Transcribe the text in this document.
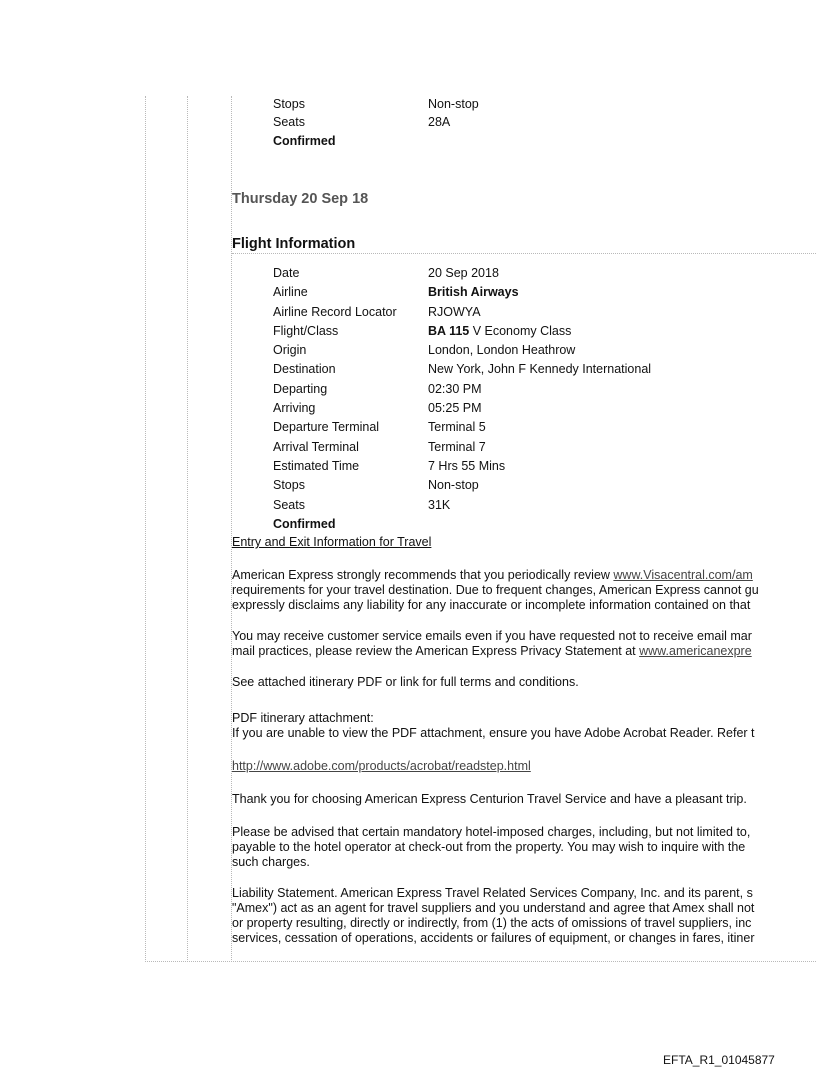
Stops	Non-stop
Seats	28A
Confirmed
Thursday 20 Sep 18
Flight Information
Date	20 Sep 2018
Airline	British Airways
Airline Record Locator	RJOWYA
Flight/Class	BA 115 V Economy Class
Origin	London, London Heathrow
Destination	New York, John F Kennedy International
Departing	02:30 PM
Arriving	05:25 PM
Departure Terminal	Terminal 5
Arrival Terminal	Terminal 7
Estimated Time	7 Hrs 55 Mins
Stops	Non-stop
Seats	31K
Confirmed
Entry and Exit Information for Travel
American Express strongly recommends that you periodically review www.Visacentral.com/am
requirements for your travel destination. Due to frequent changes, American Express cannot gu
expressly disclaims any liability for any inaccurate or incomplete information contained on that
You may receive customer service emails even if you have requested not to receive email mar
mail practices, please review the American Express Privacy Statement at www.americanexpre
See attached itinerary PDF or link for full terms and conditions.
PDF itinerary attachment:
If you are unable to view the PDF attachment, ensure you have Adobe Acrobat Reader. Refer t
http://www.adobe.com/products/acrobat/readstep.html
Thank you for choosing American Express Centurion Travel Service and have a pleasant trip.
Please be advised that certain mandatory hotel-imposed charges, including, but not limited to,
payable to the hotel operator at check-out from the property. You may wish to inquire with the
such charges.
Liability Statement. American Express Travel Related Services Company, Inc. and its parent, s
"Amex") act as an agent for travel suppliers and you understand and agree that Amex shall not
or property resulting, directly or indirectly, from (1) the acts of omissions of travel suppliers, inc
services, cessation of operations, accidents or failures of equipment, or changes in fares, itiner
EFTA_R1_01045877
